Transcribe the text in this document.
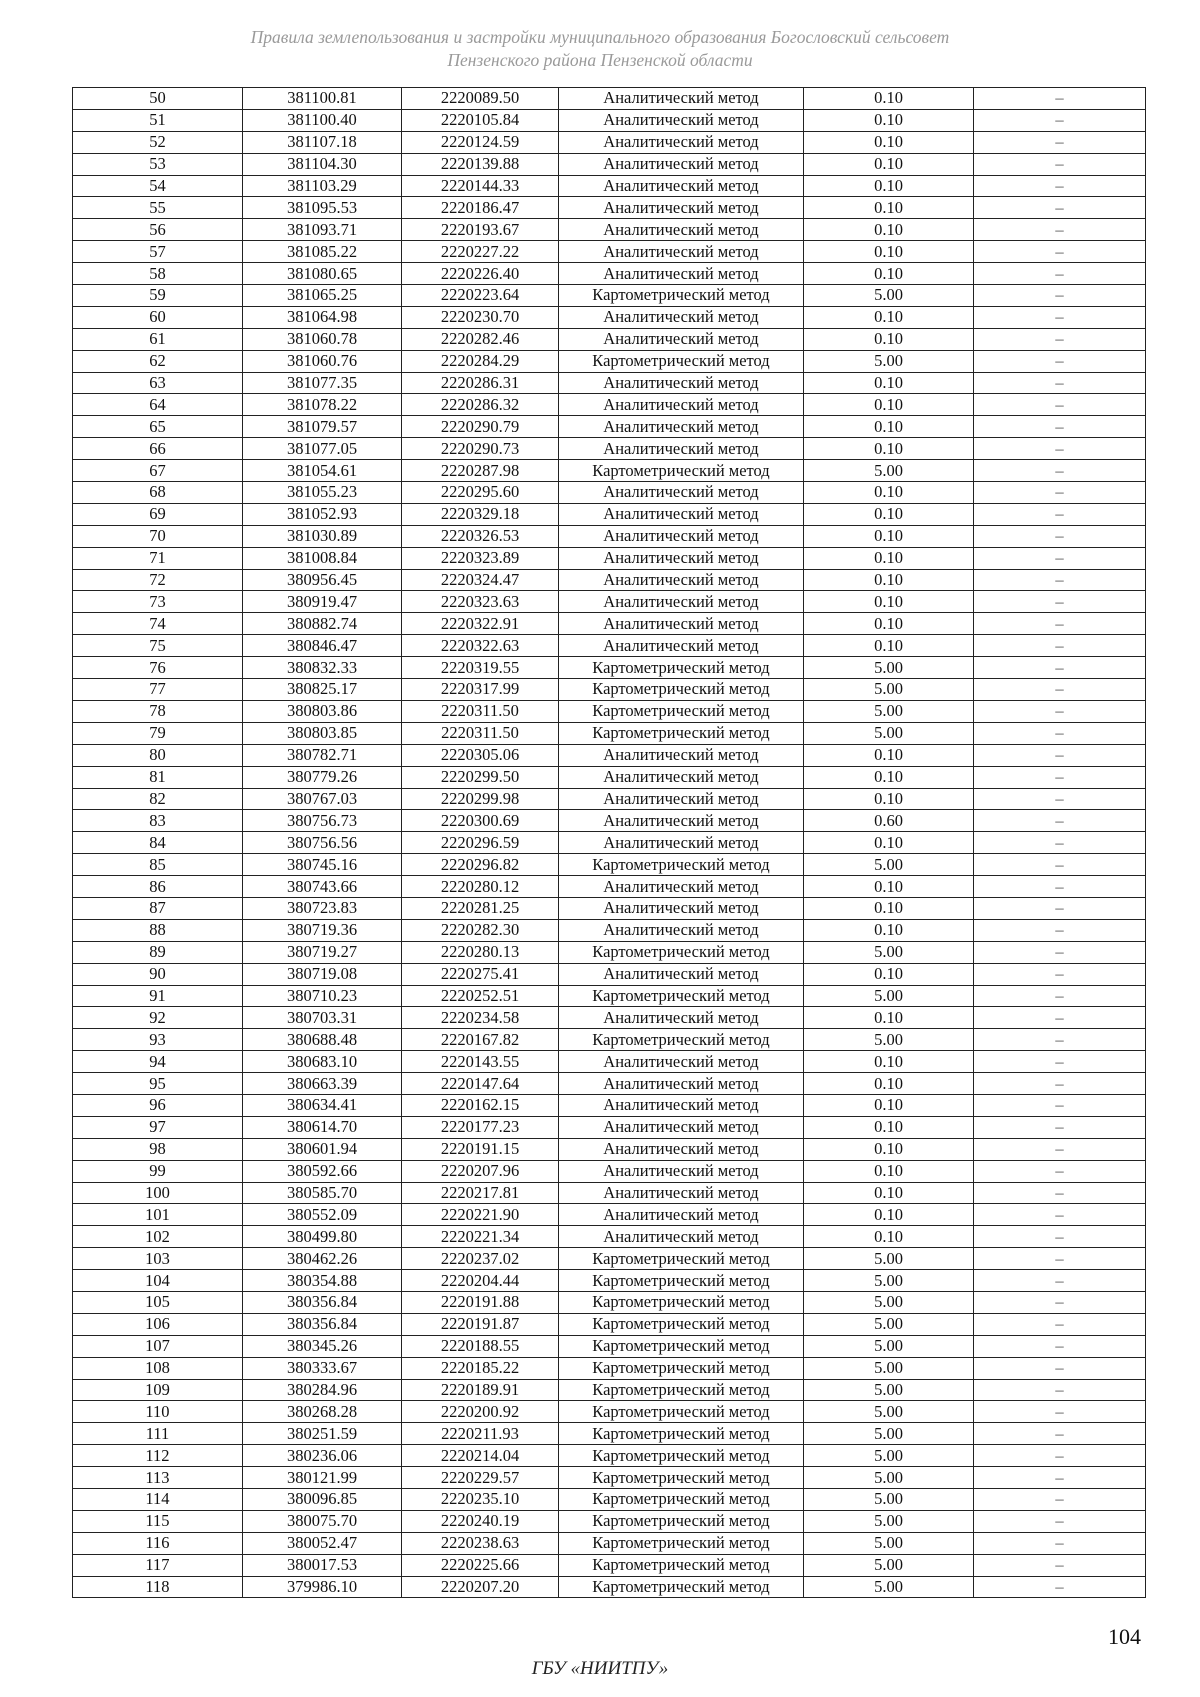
Правила землепользования и застройки муниципального образования Богословский сельсовет
Пензенского района Пензенской области
50	381100.81	2220089.50	Аналитический метод	0.10	–
51	381100.40	2220105.84	Аналитический метод	0.10	–
52	381107.18	2220124.59	Аналитический метод	0.10	–
53	381104.30	2220139.88	Аналитический метод	0.10	–
54	381103.29	2220144.33	Аналитический метод	0.10	–
55	381095.53	2220186.47	Аналитический метод	0.10	–
56	381093.71	2220193.67	Аналитический метод	0.10	–
57	381085.22	2220227.22	Аналитический метод	0.10	–
58	381080.65	2220226.40	Аналитический метод	0.10	–
59	381065.25	2220223.64	Картометрический метод	5.00	–
60	381064.98	2220230.70	Аналитический метод	0.10	–
61	381060.78	2220282.46	Аналитический метод	0.10	–
62	381060.76	2220284.29	Картометрический метод	5.00	–
63	381077.35	2220286.31	Аналитический метод	0.10	–
64	381078.22	2220286.32	Аналитический метод	0.10	–
65	381079.57	2220290.79	Аналитический метод	0.10	–
66	381077.05	2220290.73	Аналитический метод	0.10	–
67	381054.61	2220287.98	Картометрический метод	5.00	–
68	381055.23	2220295.60	Аналитический метод	0.10	–
69	381052.93	2220329.18	Аналитический метод	0.10	–
70	381030.89	2220326.53	Аналитический метод	0.10	–
71	381008.84	2220323.89	Аналитический метод	0.10	–
72	380956.45	2220324.47	Аналитический метод	0.10	–
73	380919.47	2220323.63	Аналитический метод	0.10	–
74	380882.74	2220322.91	Аналитический метод	0.10	–
75	380846.47	2220322.63	Аналитический метод	0.10	–
76	380832.33	2220319.55	Картометрический метод	5.00	–
77	380825.17	2220317.99	Картометрический метод	5.00	–
78	380803.86	2220311.50	Картометрический метод	5.00	–
79	380803.85	2220311.50	Картометрический метод	5.00	–
80	380782.71	2220305.06	Аналитический метод	0.10	–
81	380779.26	2220299.50	Аналитический метод	0.10	–
82	380767.03	2220299.98	Аналитический метод	0.10	–
83	380756.73	2220300.69	Аналитический метод	0.60	–
84	380756.56	2220296.59	Аналитический метод	0.10	–
85	380745.16	2220296.82	Картометрический метод	5.00	–
86	380743.66	2220280.12	Аналитический метод	0.10	–
87	380723.83	2220281.25	Аналитический метод	0.10	–
88	380719.36	2220282.30	Аналитический метод	0.10	–
89	380719.27	2220280.13	Картометрический метод	5.00	–
90	380719.08	2220275.41	Аналитический метод	0.10	–
91	380710.23	2220252.51	Картометрический метод	5.00	–
92	380703.31	2220234.58	Аналитический метод	0.10	–
93	380688.48	2220167.82	Картометрический метод	5.00	–
94	380683.10	2220143.55	Аналитический метод	0.10	–
95	380663.39	2220147.64	Аналитический метод	0.10	–
96	380634.41	2220162.15	Аналитический метод	0.10	–
97	380614.70	2220177.23	Аналитический метод	0.10	–
98	380601.94	2220191.15	Аналитический метод	0.10	–
99	380592.66	2220207.96	Аналитический метод	0.10	–
100	380585.70	2220217.81	Аналитический метод	0.10	–
101	380552.09	2220221.90	Аналитический метод	0.10	–
102	380499.80	2220221.34	Аналитический метод	0.10	–
103	380462.26	2220237.02	Картометрический метод	5.00	–
104	380354.88	2220204.44	Картометрический метод	5.00	–
105	380356.84	2220191.88	Картометрический метод	5.00	–
106	380356.84	2220191.87	Картометрический метод	5.00	–
107	380345.26	2220188.55	Картометрический метод	5.00	–
108	380333.67	2220185.22	Картометрический метод	5.00	–
109	380284.96	2220189.91	Картометрический метод	5.00	–
110	380268.28	2220200.92	Картометрический метод	5.00	–
111	380251.59	2220211.93	Картометрический метод	5.00	–
112	380236.06	2220214.04	Картометрический метод	5.00	–
113	380121.99	2220229.57	Картометрический метод	5.00	–
114	380096.85	2220235.10	Картометрический метод	5.00	–
115	380075.70	2220240.19	Картометрический метод	5.00	–
116	380052.47	2220238.63	Картометрический метод	5.00	–
117	380017.53	2220225.66	Картометрический метод	5.00	–
118	379986.10	2220207.20	Картометрический метод	5.00	–
104
ГБУ «НИИТПУ»
